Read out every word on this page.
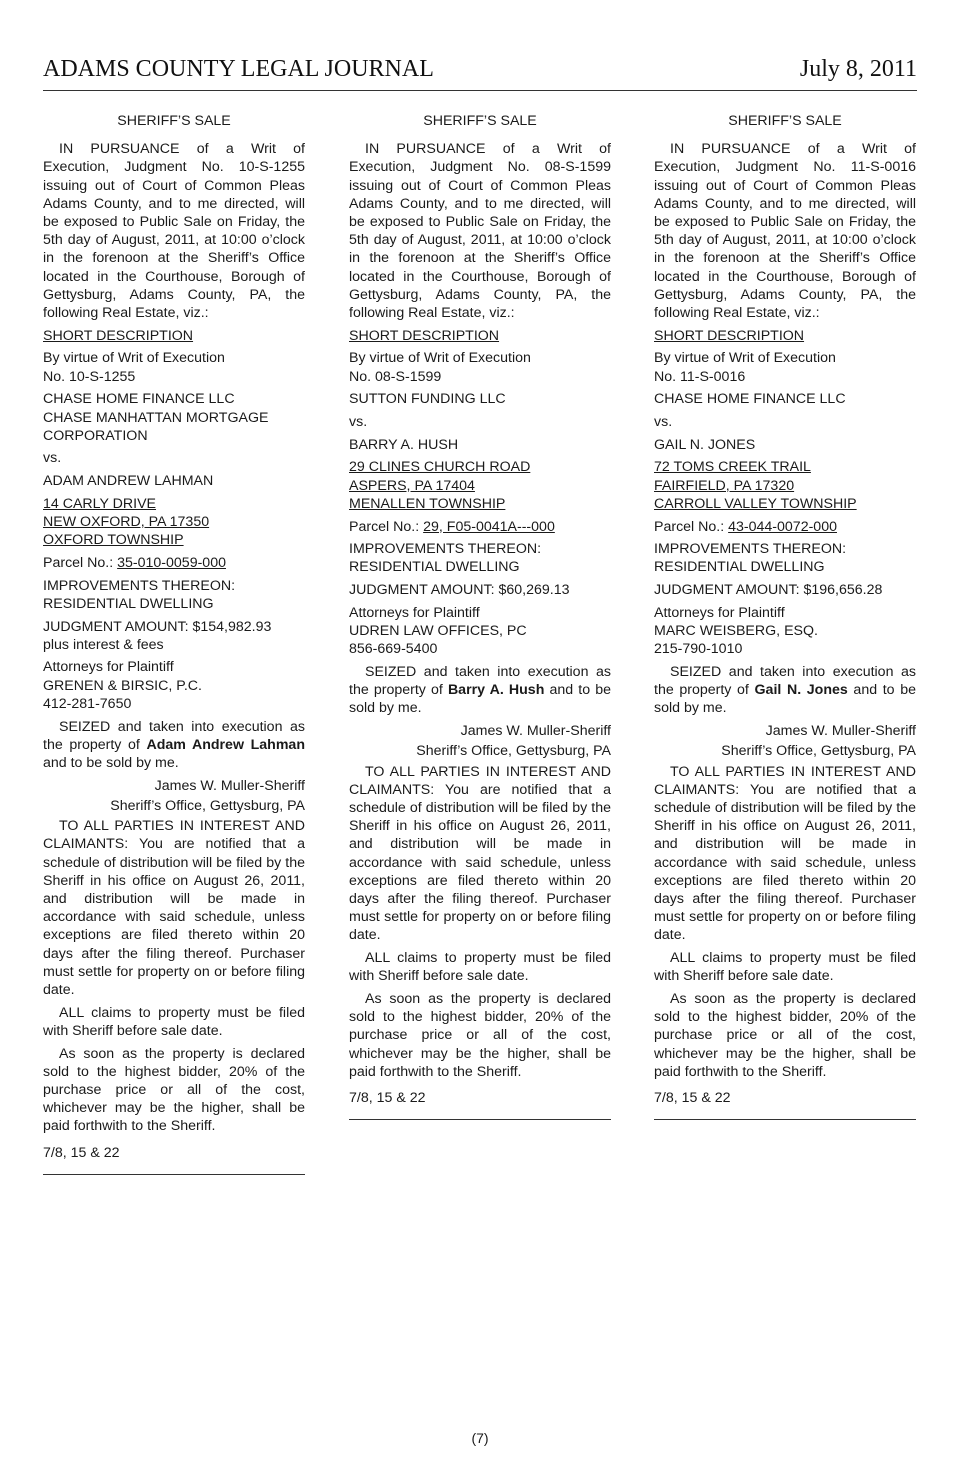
ADAMS COUNTY LEGAL JOURNAL	July 8, 2011

SHERIFF’S SALE

IN PURSUANCE of a Writ of Execution, Judgment No. 10-S-1255 issuing out of Court of Common Pleas Adams County, and to me directed, will be exposed to Public Sale on Friday, the 5th day of August, 2011, at 10:00 o’clock in the forenoon at the Sheriff’s Office located in the Courthouse, Borough of Gettysburg, Adams County, PA, the following Real Estate, viz.:

SHORT DESCRIPTION

By virtue of Writ of Execution
No. 10-S-1255

CHASE HOME FINANCE LLC
CHASE MANHATTAN MORTGAGE
CORPORATION

vs.

ADAM ANDREW LAHMAN

14 CARLY DRIVE
NEW OXFORD, PA 17350
OXFORD TOWNSHIP

Parcel No.: 35-010-0059-000

IMPROVEMENTS THEREON:
RESIDENTIAL DWELLING

JUDGMENT AMOUNT: $154,982.93
plus interest & fees

Attorneys for Plaintiff
GRENEN & BIRSIC, P.C.
412-281-7650

SEIZED and taken into execution as the property of Adam Andrew Lahman and to be sold by me.

James W. Muller-Sheriff

Sheriff’s Office, Gettysburg, PA

TO ALL PARTIES IN INTEREST AND CLAIMANTS: You are notified that a schedule of distribution will be filed by the Sheriff in his office on August 26, 2011, and distribution will be made in accordance with said schedule, unless exceptions are filed thereto within 20 days after the filing thereof. Purchaser must settle for property on or before filing date.

ALL claims to property must be filed with Sheriff before sale date.

As soon as the property is declared sold to the highest bidder, 20% of the purchase price or all of the cost, whichever may be the higher, shall be paid forthwith to the Sheriff.

7/8, 15 & 22

SHERIFF’S SALE

IN PURSUANCE of a Writ of Execution, Judgment No. 08-S-1599 issuing out of Court of Common Pleas Adams County, and to me directed, will be exposed to Public Sale on Friday, the 5th day of August, 2011, at 10:00 o’clock in the forenoon at the Sheriff’s Office located in the Courthouse, Borough of Gettysburg, Adams County, PA, the following Real Estate, viz.:

SHORT DESCRIPTION

By virtue of Writ of Execution
No. 08-S-1599

SUTTON FUNDING LLC

vs.

BARRY A. HUSH

29 CLINES CHURCH ROAD
ASPERS, PA 17404
MENALLEN TOWNSHIP

Parcel No.: 29, F05-0041A---000

IMPROVEMENTS THEREON:
RESIDENTIAL DWELLING

JUDGMENT AMOUNT: $60,269.13

Attorneys for Plaintiff
UDREN LAW OFFICES, PC
856-669-5400

SEIZED and taken into execution as the property of Barry A. Hush and to be sold by me.

James W. Muller-Sheriff

Sheriff’s Office, Gettysburg, PA

TO ALL PARTIES IN INTEREST AND CLAIMANTS: You are notified that a schedule of distribution will be filed by the Sheriff in his office on August 26, 2011, and distribution will be made in accordance with said schedule, unless exceptions are filed thereto within 20 days after the filing thereof. Purchaser must settle for property on or before filing date.

ALL claims to property must be filed with Sheriff before sale date.

As soon as the property is declared sold to the highest bidder, 20% of the purchase price or all of the cost, whichever may be the higher, shall be paid forthwith to the Sheriff.

7/8, 15 & 22

SHERIFF’S SALE

IN PURSUANCE of a Writ of Execution, Judgment No. 11-S-0016 issuing out of Court of Common Pleas Adams County, and to me directed, will be exposed to Public Sale on Friday, the 5th day of August, 2011, at 10:00 o’clock in the forenoon at the Sheriff’s Office located in the Courthouse, Borough of Gettysburg, Adams County, PA, the following Real Estate, viz.:

SHORT DESCRIPTION

By virtue of Writ of Execution
No. 11-S-0016

CHASE HOME FINANCE LLC

vs.

GAIL N. JONES

72 TOMS CREEK TRAIL
FAIRFIELD, PA 17320
CARROLL VALLEY TOWNSHIP

Parcel No.: 43-044-0072-000

IMPROVEMENTS THEREON:
RESIDENTIAL DWELLING

JUDGMENT AMOUNT: $196,656.28

Attorneys for Plaintiff
MARC WEISBERG, ESQ.
215-790-1010

SEIZED and taken into execution as the property of Gail N. Jones and to be sold by me.

James W. Muller-Sheriff

Sheriff’s Office, Gettysburg, PA

TO ALL PARTIES IN INTEREST AND CLAIMANTS: You are notified that a schedule of distribution will be filed by the Sheriff in his office on August 26, 2011, and distribution will be made in accordance with said schedule, unless exceptions are filed thereto within 20 days after the filing thereof. Purchaser must settle for property on or before filing date.

ALL claims to property must be filed with Sheriff before sale date.

As soon as the property is declared sold to the highest bidder, 20% of the purchase price or all of the cost, whichever may be the higher, shall be paid forthwith to the Sheriff.

7/8, 15 & 22

(7)
